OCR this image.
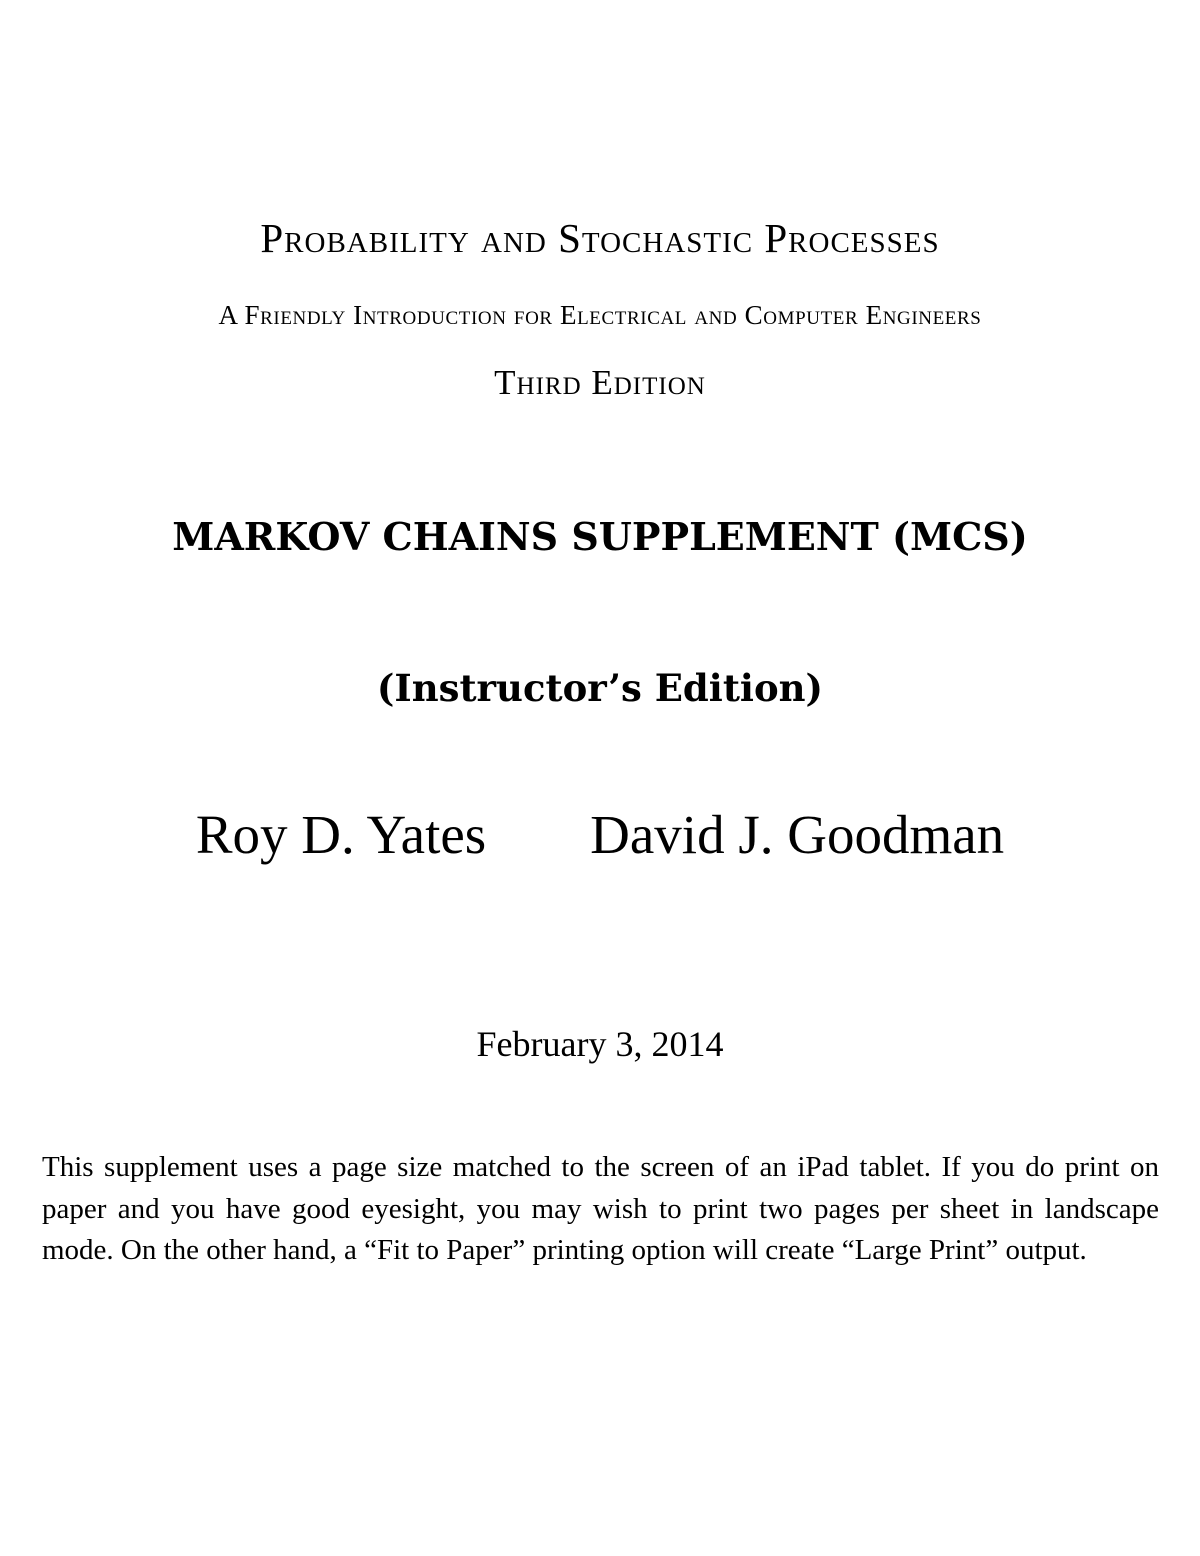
Probability and Stochastic Processes
A Friendly Introduction for Electrical and Computer Engineers
Third Edition
MARKOV CHAINS SUPPLEMENT (MCS)
(Instructor’s Edition)
Roy D. Yates David J. Goodman
February 3, 2014
This supplement uses a page size matched to the screen of an iPad tablet. If you do print on paper and you have good eyesight, you may wish to print two pages per sheet in landscape mode. On the other hand, a “Fit to Paper” printing option will create “Large Print” output.
